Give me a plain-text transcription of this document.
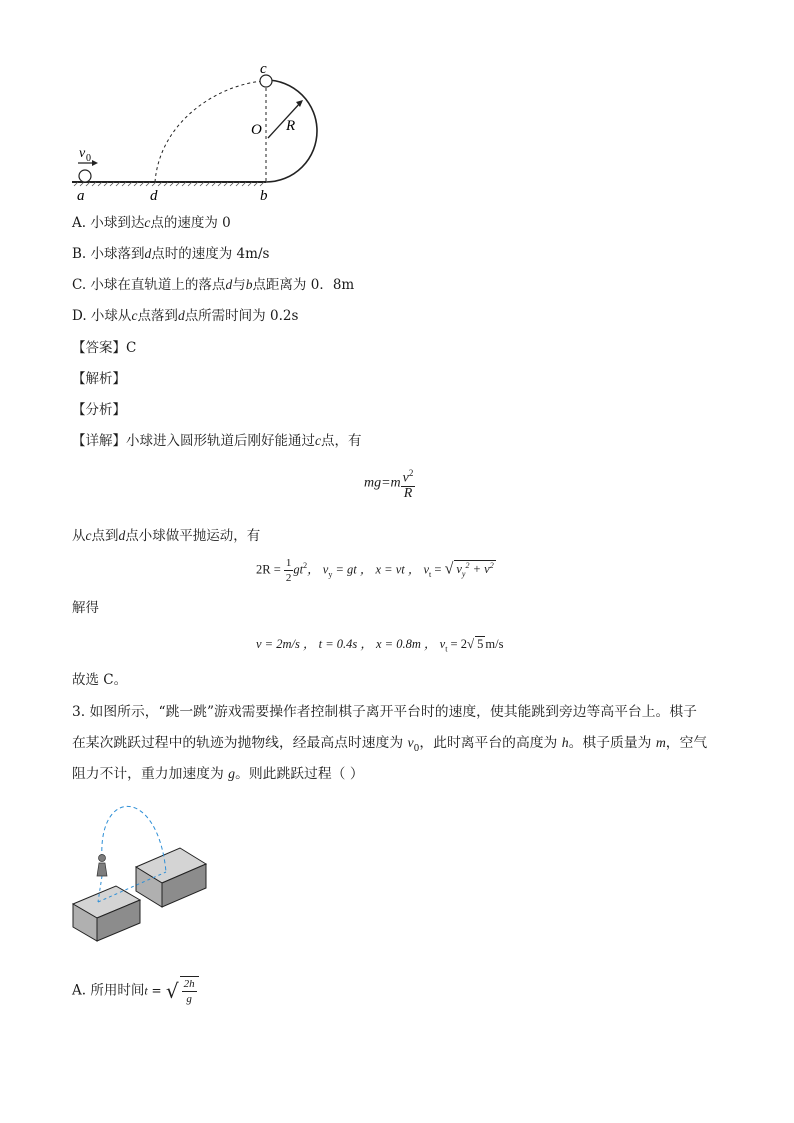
v 0
a	d	b
c
O R
A. 小球到达c点的速度为 0
B. 小球落到d点时的速度为 4m/s
C. 小球在直轨道上的落点d与b点距离为 0．8m
D. 小球从c点落到d点所需时间为 0.2s
【答案】C
【解析】
【分析】
【详解】小球进入圆形轨道后刚好能通过c点，有
$mg=m \frac{v^2}{R}$
从c点到d点小球做平抛运动，有
$2R = \frac{1}{2} gt^2$， $v_y$ = gt ， x = vt ， $v_t$ = √ $v_y^2 + v^2$
解得
v = 2m/s ， t = 0.4s ， x = 0.8m ， $v_t = 2√$ 5 m/s
故选 C。
3. 如图所示，“跳一跳”游戏需要操作者控制棋子离开平台时的速度，使其能跳到旁边等高平台上。棋子
在某次跳跃过程中的轨迹为抛物线，经最高点时速度为 $v_0$，此时离平台的高度为 h。棋子质量为 m，空气
阻力不计，重力加速度为 g。则此跳跃过程（ ）
A. 所用时间t = √ $\frac{2h}{g}$
